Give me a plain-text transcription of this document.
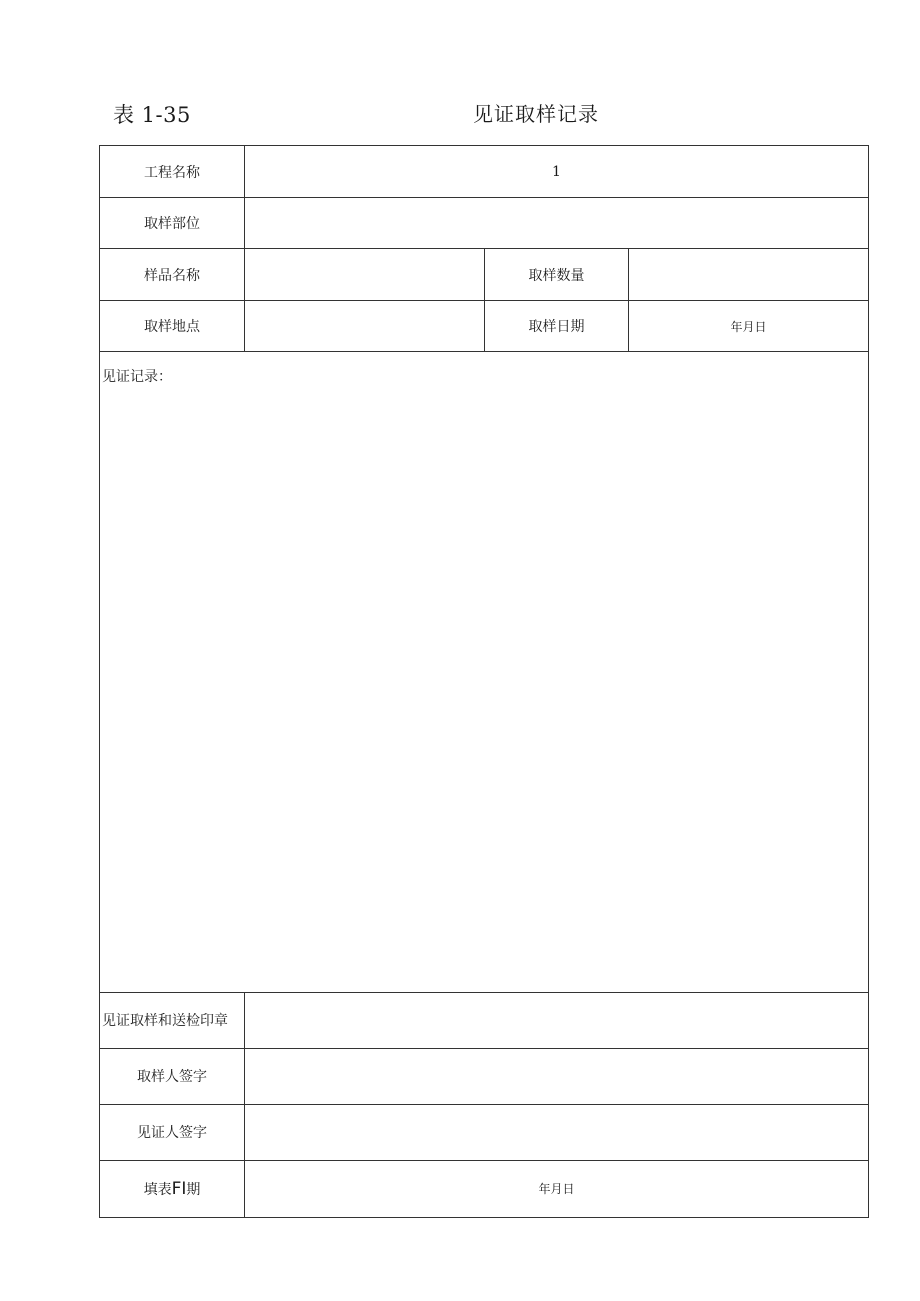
表 1-35	见证取样记录
工程名称	1		
取样部位			
样品名称		取样数量	
取样地点		取样日期	年月日

见证记录：			

见证取样和送检印章			
取样人签字			
见证人签字			
填表FI期	年月日		
